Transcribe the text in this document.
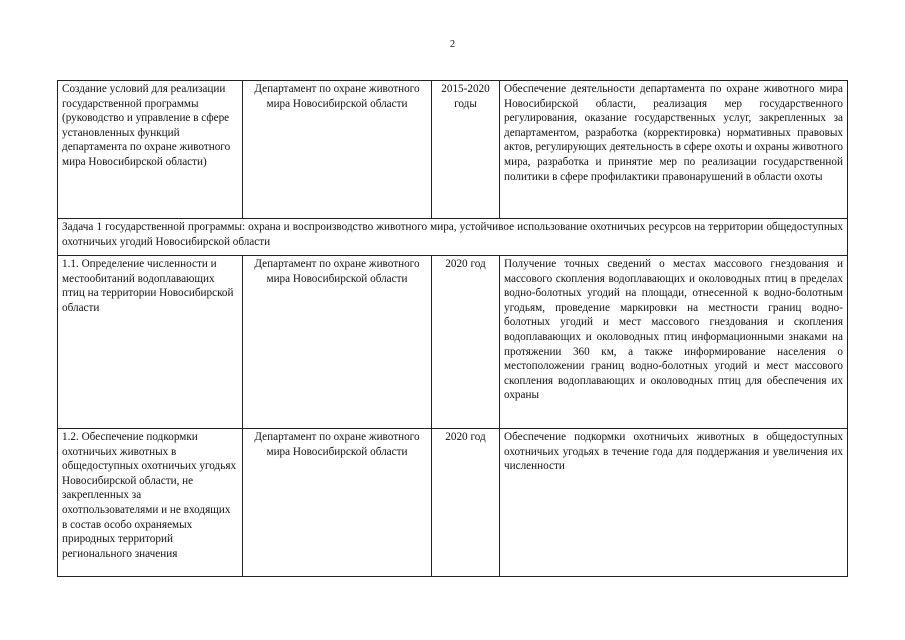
2
Создание условий для реализации государственной программы (руководство и управление в сфере установленных функций департамента по охране животного мира Новосибирской области)	Департамент по охране животного мира Новосибирской области	2015-2020 годы	Обеспечение деятельности департамента по охране животного мира Новосибирской области, реализация мер государственного регулирования, оказание государственных услуг, закрепленных за департаментом, разработка (корректировка) нормативных правовых актов, регулирующих деятельность в сфере охоты и охраны животного мира, разработка и принятие мер по реализации государственной политики в сфере профилактики правонарушений в области охоты
Задача 1 государственной программы: охрана и воспроизводство животного мира, устойчивое использование охотничьих ресурсов на территории общедоступных охотничьих угодий Новосибирской области			
1.1. Определение численности и местообитаний водоплавающих птиц на территории Новосибирской области	Департамент по охране животного мира Новосибирской области	2020 год	Получение точных сведений о местах массового гнездования и массового скопления водоплавающих и околоводных птиц в пределах водно-болотных угодий на площади, отнесенной к водно-болотным угодьям, проведение маркировки на местности границ водно-болотных угодий и мест массового гнездования и скопления водоплавающих и околоводных птиц информационными знаками на протяжении 360 км, а также информирование населения о местоположении границ водно-болотных угодий и мест массового скопления водоплавающих и околоводных птиц для обеспечения их охраны
1.2. Обеспечение подкормки охотничьих животных в общедоступных охотничьих угодьях Новосибирской области, не закрепленных за охотпользователями и не входящих в состав особо охраняемых природных территорий регионального значения	Департамент по охране животного мира Новосибирской области	2020 год	Обеспечение подкормки охотничьих животных в общедоступных охотничьих угодьях в течение года для поддержания и увеличения их численности
